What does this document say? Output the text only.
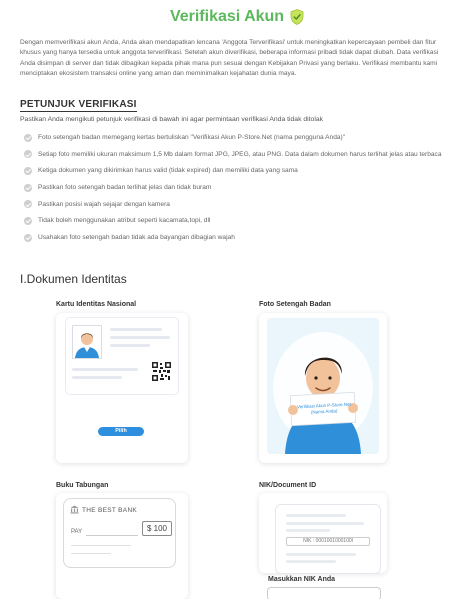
Verifikasi Akun

Dengan memverifikasi akun Anda, Anda akan mendapatkan lencana 'Anggota Terverifikasi' untuk meningkatkan kepercayaan pembeli dan fitur khusus yang hanya tersedia untuk anggota terverifikasi. Setelah akun diverifikasi, beberapa informasi pribadi tidak dapat diubah. Data verifikasi Anda disimpan di server dan tidak dibagikan kepada pihak mana pun sesuai dengan Kebijakan Privasi yang berlaku. Verifikasi membantu kami menciptakan ekosistem transaksi online yang aman dan meminimalkan kejahatan dunia maya.

PETUNJUK VERIFIKASI
Pastikan Anda mengikuti petunjuk verifikasi di bawah ini agar permintaan verifikasi Anda tidak ditolak
Foto setengah badan memegang kertas bertuliskan "Verifikasi Akun P-Store.Net (nama pengguna Anda)"
Setiap foto memiliki ukuran maksimum 1,5 Mb dalam format JPG, JPEG, atau PNG. Data dalam dokumen harus terlihat jelas atau terbaca
Ketiga dokumen yang dikirimkan harus valid (tidak expired) dan memiliki data yang sama
Pastikan foto setengah badan terlihat jelas dan tidak buram
Pastikan posisi wajah sejajar dengan kamera
Tidak boleh menggunakan atribut seperti kacamata,topi, dll
Usahakan foto setengah badan tidak ada bayangan dibagian wajah
I.Dokumen Identitas
Kartu Identitas Nasional
Pilih
Foto Setengah Badan
Verifikasi Akun P-Store.Net (Nama Anda)
Buku Tabungan
THE BEST BANK
$ 100
PAY
NIK/Document ID
NIK : 0001001000100l
Masukkan NIK Anda
